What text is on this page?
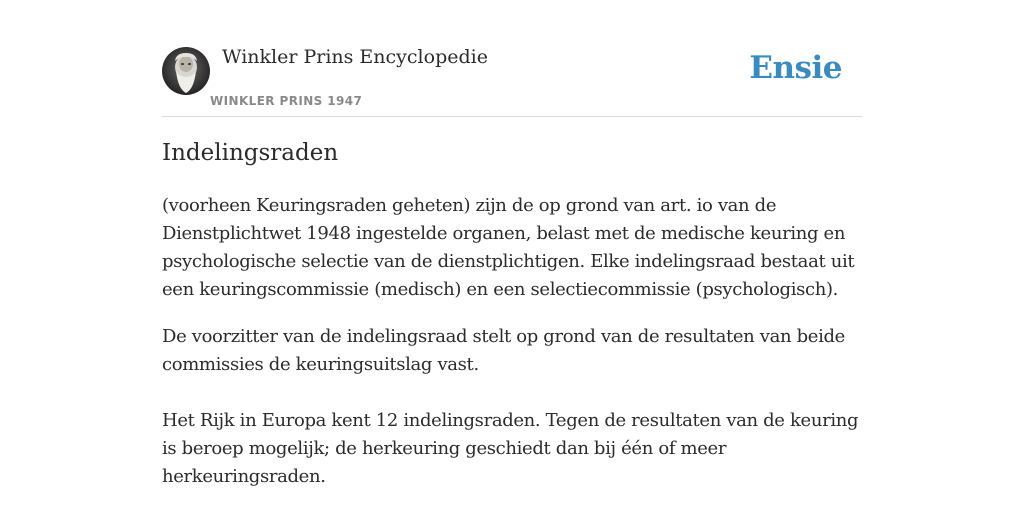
Winkler Prins Encyclopedie
WINKLER PRINS 1947
Ensie
Indelingsraden

(voorheen Keuringsraden geheten) zijn de op grond van art. io van de Dienstplichtwet 1948 ingestelde organen, belast met de medische keuring en psychologische selectie van de dienstplichtigen. Elke indelingsraad bestaat uit een keuringscommissie (medisch) en een selectiecommissie (psychologisch).

De voorzitter van de indelingsraad stelt op grond van de resultaten van beide commissies de keuringsuitslag vast.

Het Rijk in Europa kent 12 indelingsraden. Tegen de resultaten van de keuring is beroep mogelijk; de herkeuring geschiedt dan bij één of meer herkeuringsraden.
